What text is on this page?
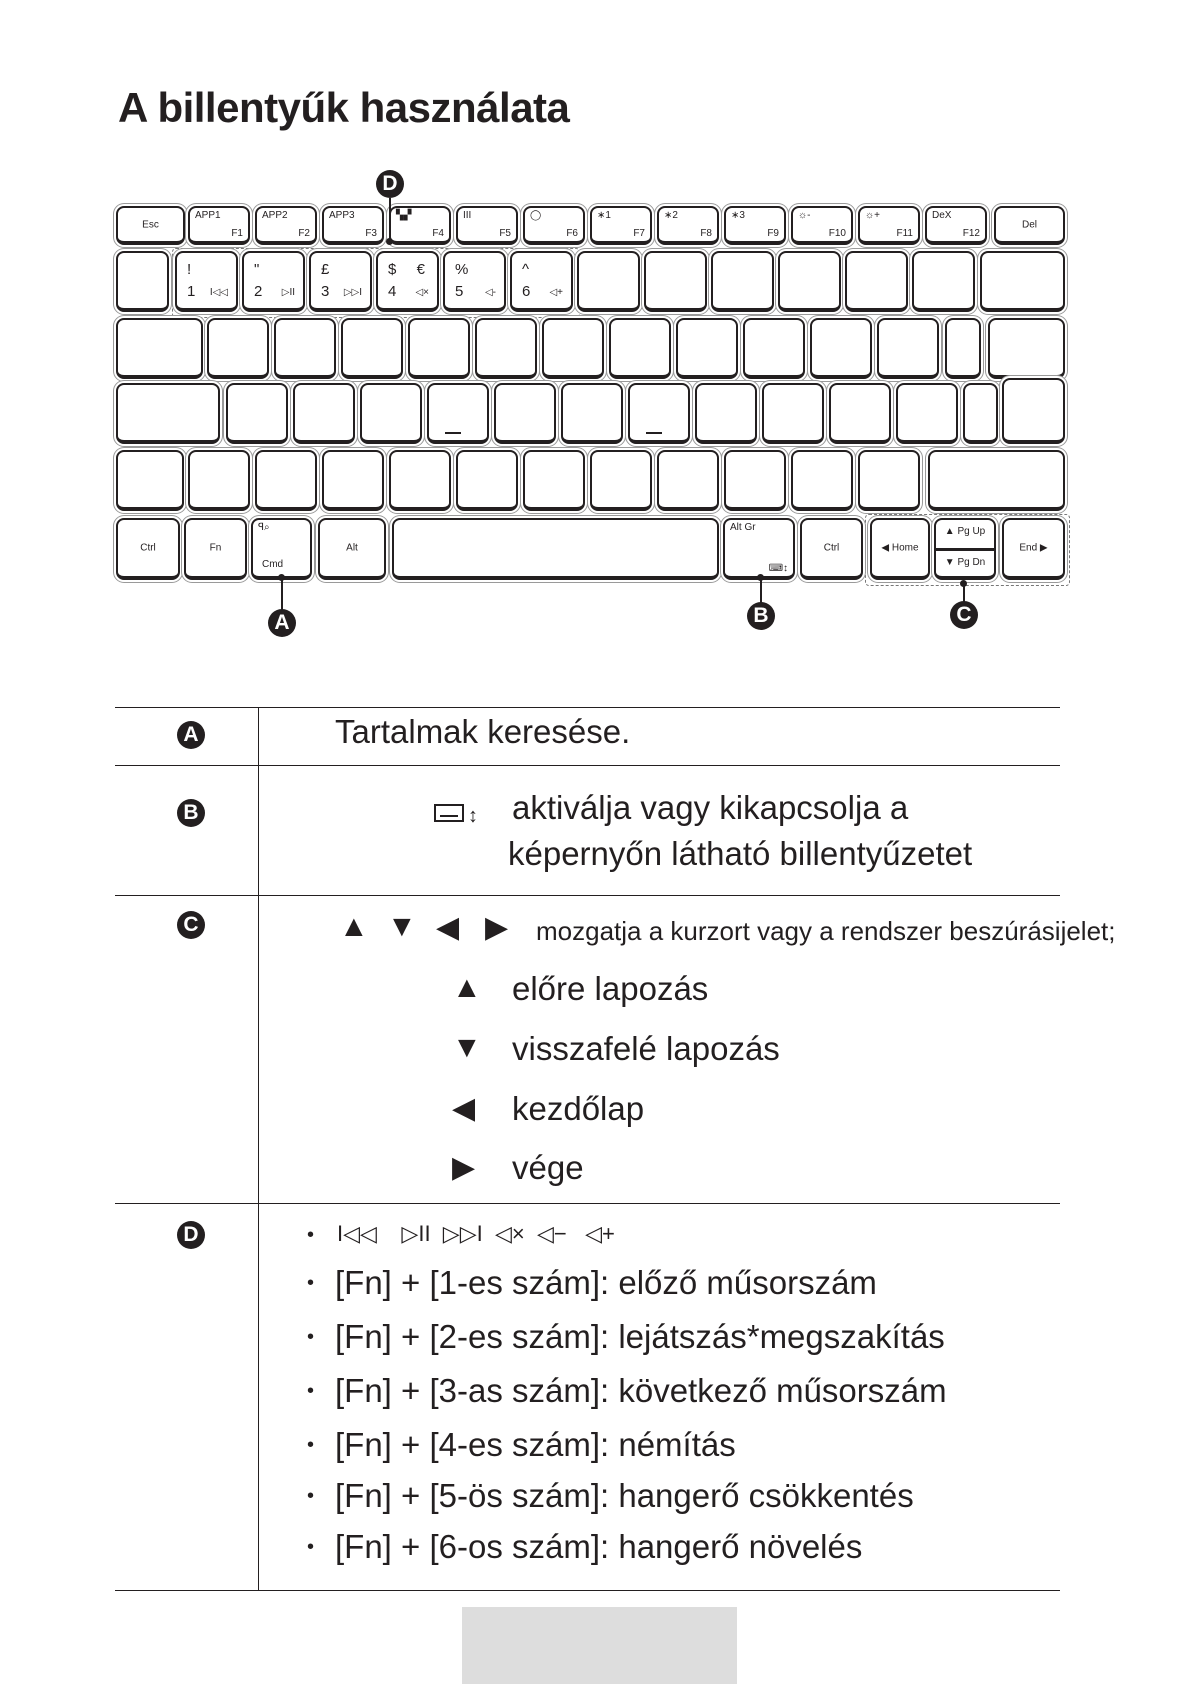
A billentyűk használata
Esc
APP1
F1
APP2
F2
APP3
F3
▚▞
F4
III
F5
◯
F6
∗1
F7
∗2
F8
∗3
F9
☼-
F10
☼+
F11
DeX
F12
Del
!
1 I◁◁
"
2 ▷II
£
3 ▷▷I
$ €
4 ◁×
%
5 ◁-
^
6 ◁+
Ctrl	Fn
ꟼ⌕
Cmd
Alt
Alt Gr
⌨↕
Ctrl	◀ Home
▲ Pg Up
▼ Pg Dn
End ▶
D
A	B	C
A	Tartalmak keresése.
B	↕ aktiválja vagy kikapcsolja a
képernyőn látható billentyűzetet
C	▲ ▼ ◀ ▶ mozgatja a kurzort vagy a rendszer beszúrásijelet;
▲ előre lapozás
▼ visszafelé lapozás
◀ kezdőlap
▶ vége
D	• I◁◁ ▷II ▷▷I ◁× ◁− ◁+
• [Fn] + [1-es szám]: előző műsorszám
• [Fn] + [2-es szám]: lejátszás*megszakítás
• [Fn] + [3-as szám]: következő műsorszám
• [Fn] + [4-es szám]: némítás
• [Fn] + [5-ös szám]: hangerő csökkentés
• [Fn] + [6-os szám]: hangerő növelés
